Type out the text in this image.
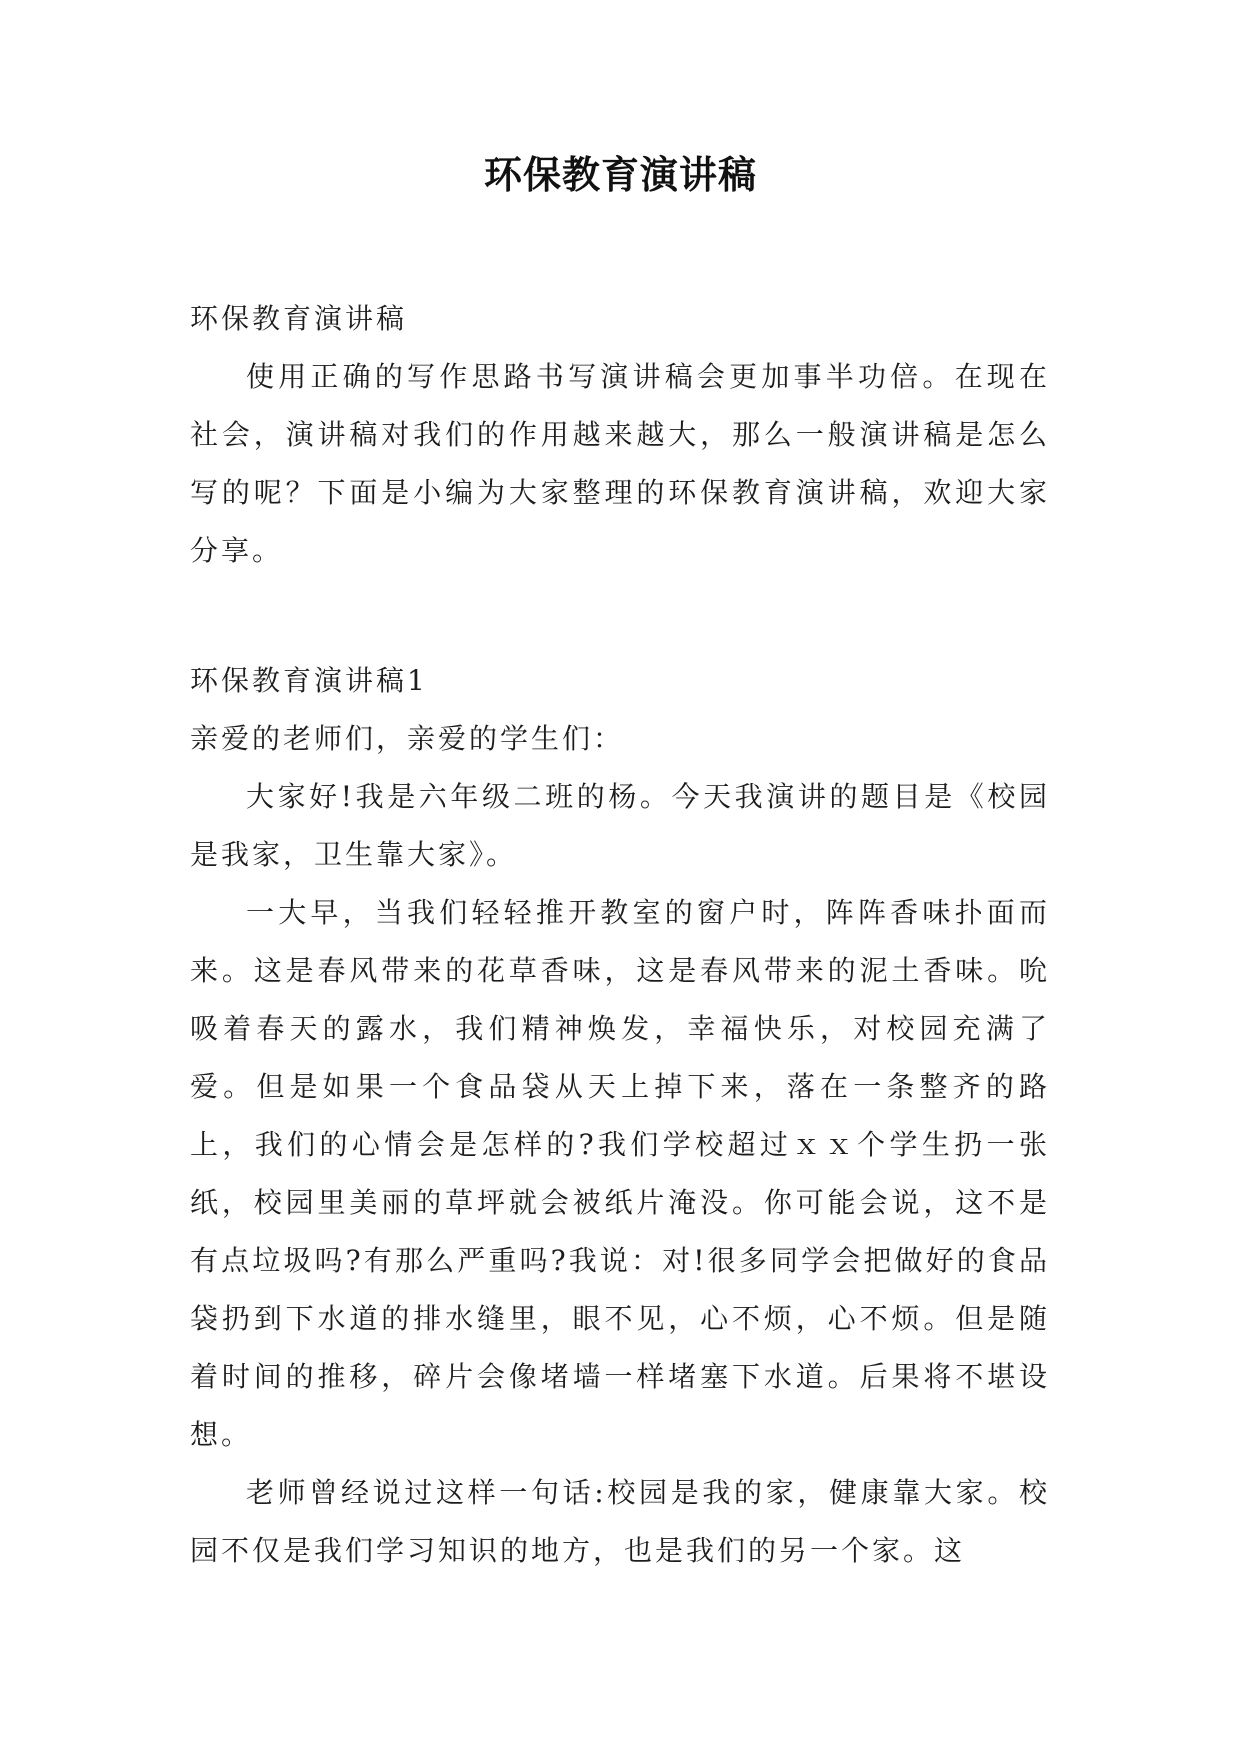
环保教育演讲稿

环保教育演讲稿

使用正确的写作思路书写演讲稿会更加事半功倍。在现在社会，演讲稿对我们的作用越来越大，那么一般演讲稿是怎么写的呢？下面是小编为大家整理的环保教育演讲稿，欢迎大家分享。

环保教育演讲稿1

亲爱的老师们，亲爱的学生们：

大家好!我是六年级二班的杨。今天我演讲的题目是《校园是我家，卫生靠大家》。

一大早，当我们轻轻推开教室的窗户时，阵阵香味扑面而来。这是春风带来的花草香味，这是春风带来的泥土香味。吮吸着春天的露水，我们精神焕发，幸福快乐，对校园充满了爱。但是如果一个食品袋从天上掉下来，落在一条整齐的路上，我们的心情会是怎样的?我们学校超过ｘｘ个学生扔一张纸，校园里美丽的草坪就会被纸片淹没。你可能会说，这不是有点垃圾吗?有那么严重吗?我说：对!很多同学会把做好的食品袋扔到下水道的排水缝里，眼不见，心不烦，心不烦。但是随着时间的推移，碎片会像堵墙一样堵塞下水道。后果将不堪设想。

老师曾经说过这样一句话:校园是我的家，健康靠大家。校园不仅是我们学习知识的地方，也是我们的另一个家。这
